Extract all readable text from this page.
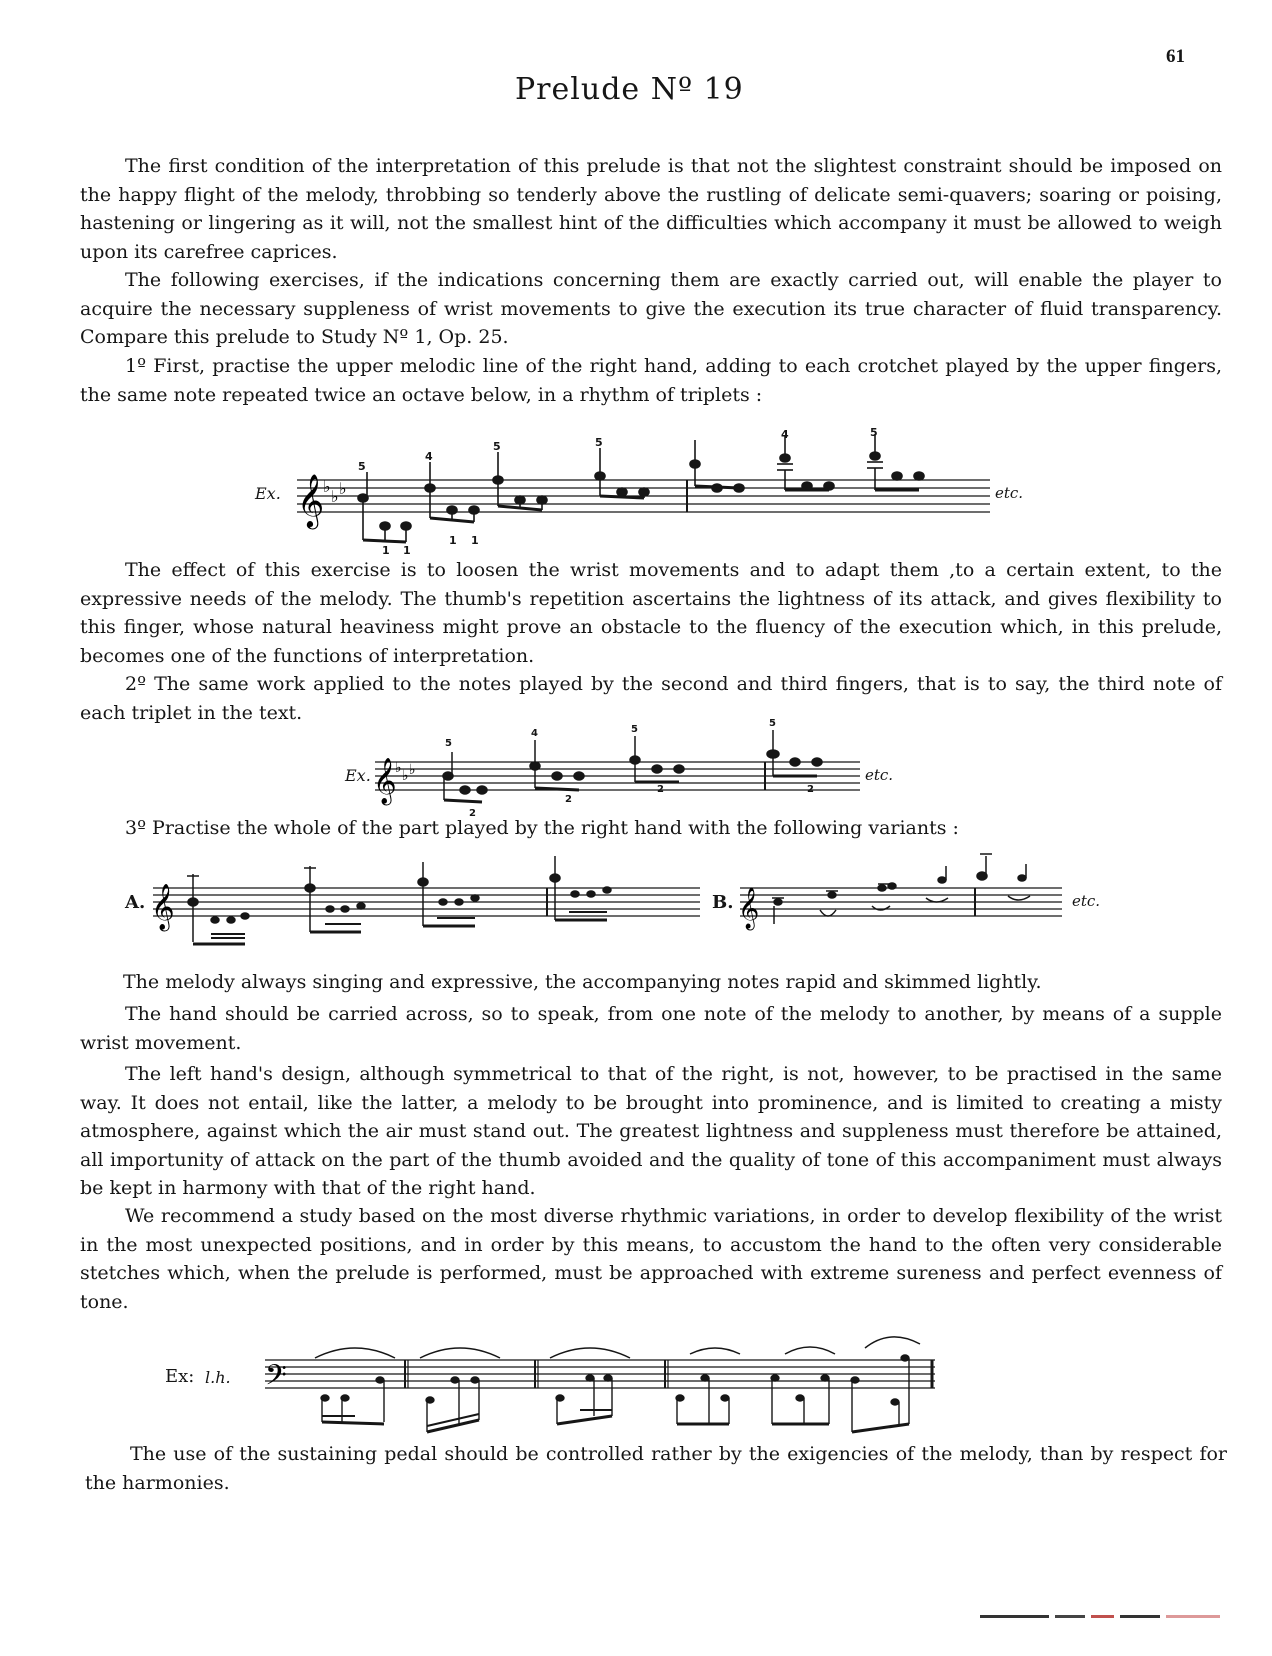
61
Prelude Nº 19

The first condition of the interpretation of this prelude is that not the slightest constraint should be imposed on the happy flight of the melody, throbbing so tenderly above the rustling of delicate semi-quavers; soaring or poising, hastening or lingering as it will, not the smallest hint of the difficulties which accompany it must be allowed to weigh upon its carefree caprices.

The following exercises, if the indications concerning them are exactly carried out, will enable the player to acquire the necessary suppleness of wrist movements to give the execution its true character of fluid transparency. Compare this prelude to Study Nº 1, Op. 25.

1º First, practise the upper melodic line of the right hand, adding to each crotchet played by the upper fingers, the same note repeated twice an octave below, in a rhythm of triplets :

Ex.	etc.
𝄞
♭
♭ ♭
5
4
5	5
4	5
1 1
1 1

The effect of this exercise is to loosen the wrist movements and to adapt them ,to a certain extent, to the expressive needs of the melody. The thumb's repetition ascertains the lightness of its attack, and gives flexibility to this finger, whose natural heaviness might prove an obstacle to the fluency of the execution which, in this prelude, becomes one of the functions of interpretation.

2º The same work applied to the notes played by the second and third fingers, that is to say, the third note of each triplet in the text.

Ex.	etc.
𝄞
♭ ♭ ♭
5
4	5
5
2
2
2	2

3º Practise the whole of the part played by the right hand with the following variants :

A. 𝄞	B.	etc.
𝄞

The melody always singing and expressive, the accompanying notes rapid and skimmed lightly.

The hand should be carried across, so to speak, from one note of the melody to another, by means of a supple wrist movement.

The left hand's design, although symmetrical to that of the right, is not, however, to be practised in the same way. It does not entail, like the latter, a melody to be brought into prominence, and is limited to creating a misty atmosphere, against which the air must stand out. The greatest lightness and suppleness must therefore be attained, all importunity of attack on the part of the thumb avoided and the quality of tone of this accompaniment must always be kept in harmony with that of the right hand.

We recommend a study based on the most diverse rhythmic variations, in order to develop flexibility of the wrist in the most unexpected positions, and in order by this means, to accustom the hand to the often very considerable stetches which, when the prelude is performed, must be approached with extreme sureness and perfect evenness of tone.

Ex: l.h. 𝄢

The use of the sustaining pedal should be controlled rather by the exigencies of the melody, than by respect for the harmonies.
